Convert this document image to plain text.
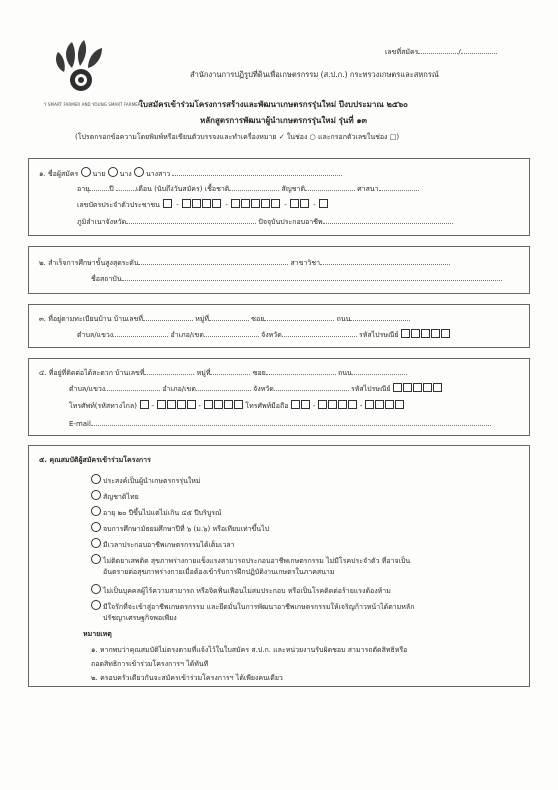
เลขที่สมัคร	/
Y SMART FARMER AND YOUNG SMART FARMER
สำนักงานการปฏิรูปที่ดินเพื่อเกษตรกรรม (ส.ป.ก.) กระทรวงเกษตรและสหกรณ์
ใบสมัครเข้าร่วมโครงการสร้างและพัฒนาเกษตรกรรุ่นใหม่ ปีงบประมาณ ๒๕๖๐
หลักสูตรการพัฒนาผู้นำเกษตรกรรุ่นใหม่ รุ่นที่ ๑๓
(โปรดกรอกข้อความโดยพิมพ์หรือเขียนตัวบรรจงและทำเครื่องหมาย ✓ ในช่อง ○ และกรอกตัวเลขในช่อง □)
๑. ชื่อผู้สมัคร นาย นาง นางสาว
อายุ	ปี	เดือน (นับถึงวันสมัคร) เชื้อชาติ	สัญชาติ	ศาสนา
เลขบัตรประจำตัวประชาชน  -	-	-	-
ภูมิลำเนาจังหวัด	ปัจจุบันประกอบอาชีพ
๒. สำเร็จการศึกษาขั้นสูงสุดระดับ	สาขาวิชา
ชื่อสถาบัน
๓. ที่อยู่ตามทะเบียนบ้าน บ้านเลขที่	หมู่ที่	ซอย	ถนน
ตำบล/แขวง	อำเภอ/เขต	จังหวัด	รหัสไปรษณีย์
๔. ที่อยู่ที่ติดต่อได้สะดวก บ้านเลขที่	หมู่ที่	ซอย	ถนน
ตำบล/แขวง	อำเภอ/เขต	จังหวัด	รหัสไปรษณีย์
โทรศัพท์(รหัสทางไกล)  -	-	โทรศัพท์มือถือ	-	-
E-mail
๕. คุณสมบัติผู้สมัครเข้าร่วมโครงการ
ประสงค์เป็นผู้นำเกษตรกรรุ่นใหม่
สัญชาติไทย
อายุ ๒๐ ปีขึ้นไปแต่ไม่เกิน ๔๕ ปีบริบูรณ์
จบการศึกษามัธยมศึกษาปีที่ ๖ (ม.๖) หรือเทียบเท่าขึ้นไป
มีเวลาประกอบอาชีพเกษตรกรรมได้เต็มเวลา
ไม่ติดยาเสพติด สุขภาพร่างกายแข็งแรงสามารถประกอบอาชีพเกษตรกรรม ไม่มีโรคประจำตัว ที่อาจเป็น
อันตรายต่อสุขภาพร่างกายเมื่อต้องเข้ารับการฝึกปฏิบัติงานเกษตรในภาคสนาม
ไม่เป็นบุคคลผู้ไร้ความสามารถ หรือจิตฟั่นเฟือนไม่สมประกอบ หรือเป็นโรคติดต่อร้ายแรงต้องห้าม
มีใจรักที่จะเข้าสู่อาชีพเกษตรกรรม และยึดมั่นในการพัฒนาอาชีพเกษตรกรรมให้เจริญก้าวหน้าได้ตามหลัก
ปรัชญาเศรษฐกิจพอเพียง
หมายเหตุ
๑. หากพบว่าคุณสมบัติไม่ตรงตามที่แจ้งไว้ในใบสมัคร ส.ป.ก. และหน่วยงานรับผิดชอบ สามารถตัดสิทธิหรือ
ถอดสิทธิการเข้าร่วมโครงการฯ ได้ทันที
๒. ครอบครัวเดียวกันจะสมัครเข้าร่วมโครงการฯ ได้เพียงคนเดียว
